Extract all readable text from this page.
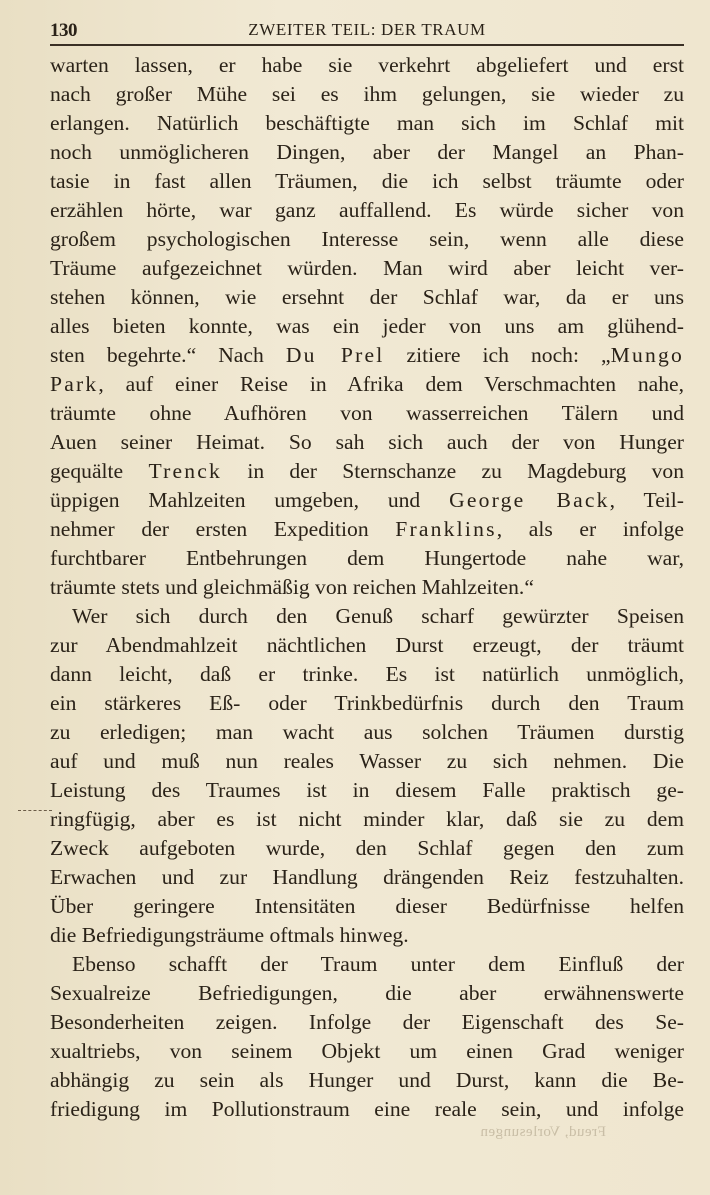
130	ZWEITER TEIL: DER TRAUM
warten lassen, er habe sie verkehrt abgeliefert und erst
nach großer Mühe sei es ihm gelungen, sie wieder zu
erlangen. Natürlich beschäftigte man sich im Schlaf mit
noch unmöglicheren Dingen, aber der Mangel an Phan-
tasie in fast allen Träumen, die ich selbst träumte oder
erzählen hörte, war ganz auffallend. Es würde sicher von
großem psychologischen Interesse sein, wenn alle diese
Träume aufgezeichnet würden. Man wird aber leicht ver-
stehen können, wie ersehnt der Schlaf war, da er uns
alles bieten konnte, was ein jeder von uns am glühend-
sten begehrte.“ Nach Du Prel zitiere ich noch: „Mungo
Park, auf einer Reise in Afrika dem Verschmachten nahe,
träumte ohne Aufhören von wasserreichen Tälern und
Auen seiner Heimat. So sah sich auch der von Hunger
gequälte Trenck in der Sternschanze zu Magdeburg von
üppigen Mahlzeiten umgeben, und George Back, Teil-
nehmer der ersten Expedition Franklins, als er infolge
furchtbarer Entbehrungen dem Hungertode nahe war,
träumte stets und gleichmäßig von reichen Mahlzeiten.“
Wer sich durch den Genuß scharf gewürzter Speisen
zur Abendmahlzeit nächtlichen Durst erzeugt, der träumt
dann leicht, daß er trinke. Es ist natürlich unmöglich,
ein stärkeres Eß- oder Trinkbedürfnis durch den Traum
zu erledigen; man wacht aus solchen Träumen durstig
auf und muß nun reales Wasser zu sich nehmen. Die
Leistung des Traumes ist in diesem Falle praktisch ge-
ringfügig, aber es ist nicht minder klar, daß sie zu dem
Zweck aufgeboten wurde, den Schlaf gegen den zum
Erwachen und zur Handlung drängenden Reiz festzuhalten.
Über geringere Intensitäten dieser Bedürfnisse helfen
die Befriedigungsträume oftmals hinweg.
Ebenso schafft der Traum unter dem Einfluß der
Sexualreize Befriedigungen, die aber erwähnenswerte
Besonderheiten zeigen. Infolge der Eigenschaft des Se-
xualtriebs, von seinem Objekt um einen Grad weniger
abhängig zu sein als Hunger und Durst, kann die Be-
friedigung im Pollutionstraum eine reale sein, und infolge
Freud, Vorlesungen
